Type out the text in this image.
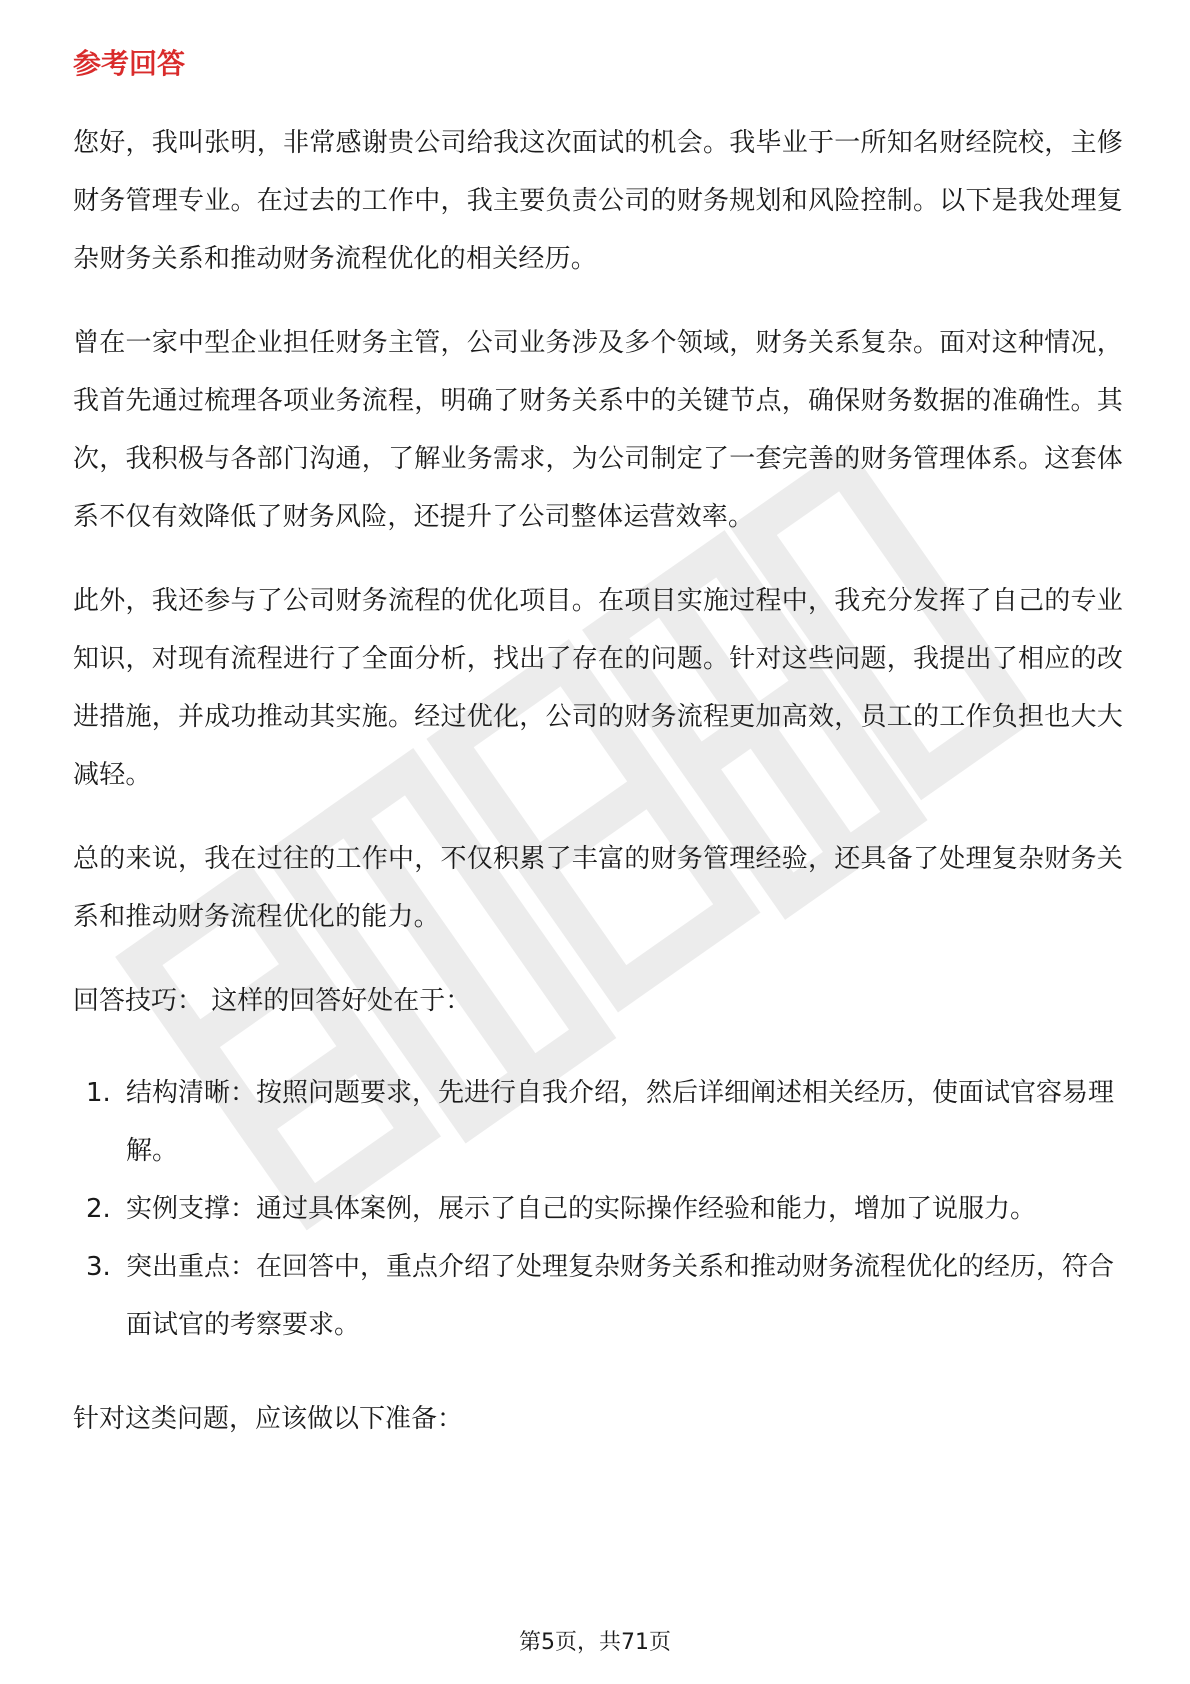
参考回答

您好，我叫张明，非常感谢贵公司给我这次面试的机会。我毕业于一所知名财经院校，主修财务管理专业。在过去的工作中，我主要负责公司的财务规划和风险控制。以下是我处理复杂财务关系和推动财务流程优化的相关经历。

曾在一家中型企业担任财务主管，公司业务涉及多个领域，财务关系复杂。面对这种情况，我首先通过梳理各项业务流程，明确了财务关系中的关键节点，确保财务数据的准确性。其次，我积极与各部门沟通，了解业务需求，为公司制定了一套完善的财务管理体系。这套体系不仅有效降低了财务风险，还提升了公司整体运营效率。

此外，我还参与了公司财务流程的优化项目。在项目实施过程中，我充分发挥了自己的专业知识，对现有流程进行了全面分析，找出了存在的问题。针对这些问题，我提出了相应的改进措施，并成功推动其实施。经过优化，公司的财务流程更加高效，员工的工作负担也大大减轻。

总的来说，我在过往的工作中，不仅积累了丰富的财务管理经验，还具备了处理复杂财务关系和推动财务流程优化的能力。

回答技巧： 这样的回答好处在于：
1. 结构清晰：按照问题要求，先进行自我介绍，然后详细阐述相关经历，使面试官容易理解。
2. 实例支撑：通过具体案例，展示了自己的实际操作经验和能力，增加了说服力。
3. 突出重点：在回答中，重点介绍了处理复杂财务关系和推动财务流程优化的经历，符合面试官的考察要求。
针对这类问题，应该做以下准备：
第5页，共71页
